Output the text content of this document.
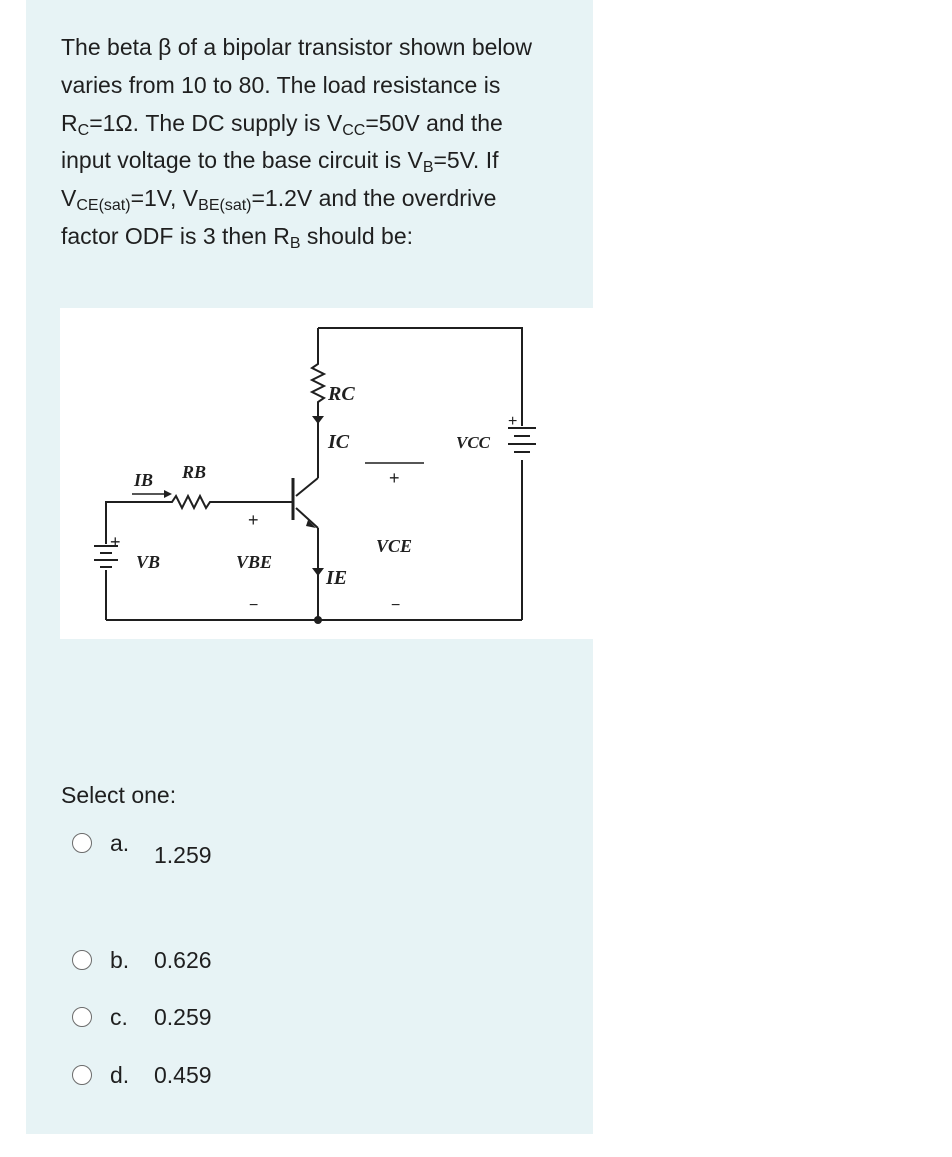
The beta β of a bipolar transistor shown below varies from 10 to 80. The load resistance is $R_C=1\Omega$. The DC supply is $V_{CC}=50V$ and the input voltage to the base circuit is $V_B=5V$. If $V_{CE(sat)}=1V$, $V_{BE(sat)}=1.2V$ and the overdrive factor ODF is 3 then $R_B$ should be:
RC
IC	VCC
IB RB
VB	VBE
IE
VCE
+
+
−
+
−
+
Select one:
a.	1.259
b.	0.626
c.	0.259
d.	0.459
